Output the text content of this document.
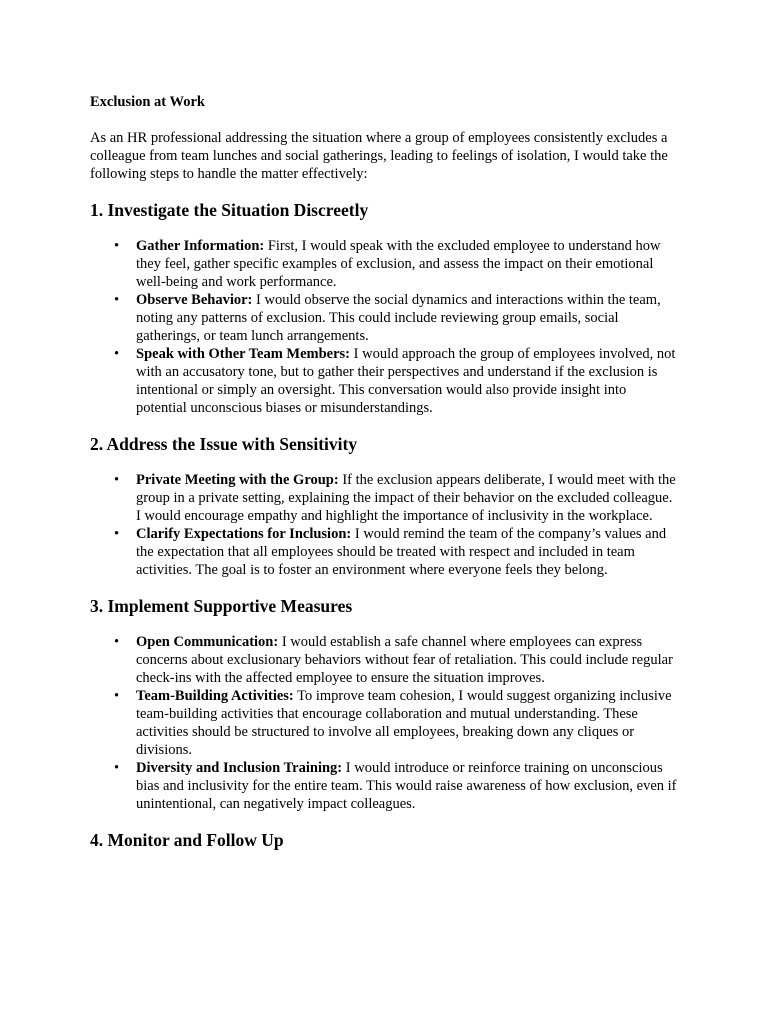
Exclusion at Work

As an HR professional addressing the situation where a group of employees consistently excludes a colleague from team lunches and social gatherings, leading to feelings of isolation, I would take the following steps to handle the matter effectively:

1. Investigate the Situation Discreetly
• Gather Information: First, I would speak with the excluded employee to understand how they feel, gather specific examples of exclusion, and assess the impact on their emotional well-being and work performance.
• Observe Behavior: I would observe the social dynamics and interactions within the team, noting any patterns of exclusion. This could include reviewing group emails, social gatherings, or team lunch arrangements.
• Speak with Other Team Members: I would approach the group of employees involved, not with an accusatory tone, but to gather their perspectives and understand if the exclusion is intentional or simply an oversight. This conversation would also provide insight into potential unconscious biases or misunderstandings.
2. Address the Issue with Sensitivity
• Private Meeting with the Group: If the exclusion appears deliberate, I would meet with the group in a private setting, explaining the impact of their behavior on the excluded colleague. I would encourage empathy and highlight the importance of inclusivity in the workplace.
• Clarify Expectations for Inclusion: I would remind the team of the company’s values and the expectation that all employees should be treated with respect and included in team activities. The goal is to foster an environment where everyone feels they belong.
3. Implement Supportive Measures
• Open Communication: I would establish a safe channel where employees can express concerns about exclusionary behaviors without fear of retaliation. This could include regular check-ins with the affected employee to ensure the situation improves.
• Team-Building Activities: To improve team cohesion, I would suggest organizing inclusive team-building activities that encourage collaboration and mutual understanding. These activities should be structured to involve all employees, breaking down any cliques or divisions.
• Diversity and Inclusion Training: I would introduce or reinforce training on unconscious bias and inclusivity for the entire team. This would raise awareness of how exclusion, even if unintentional, can negatively impact colleagues.
4. Monitor and Follow Up
